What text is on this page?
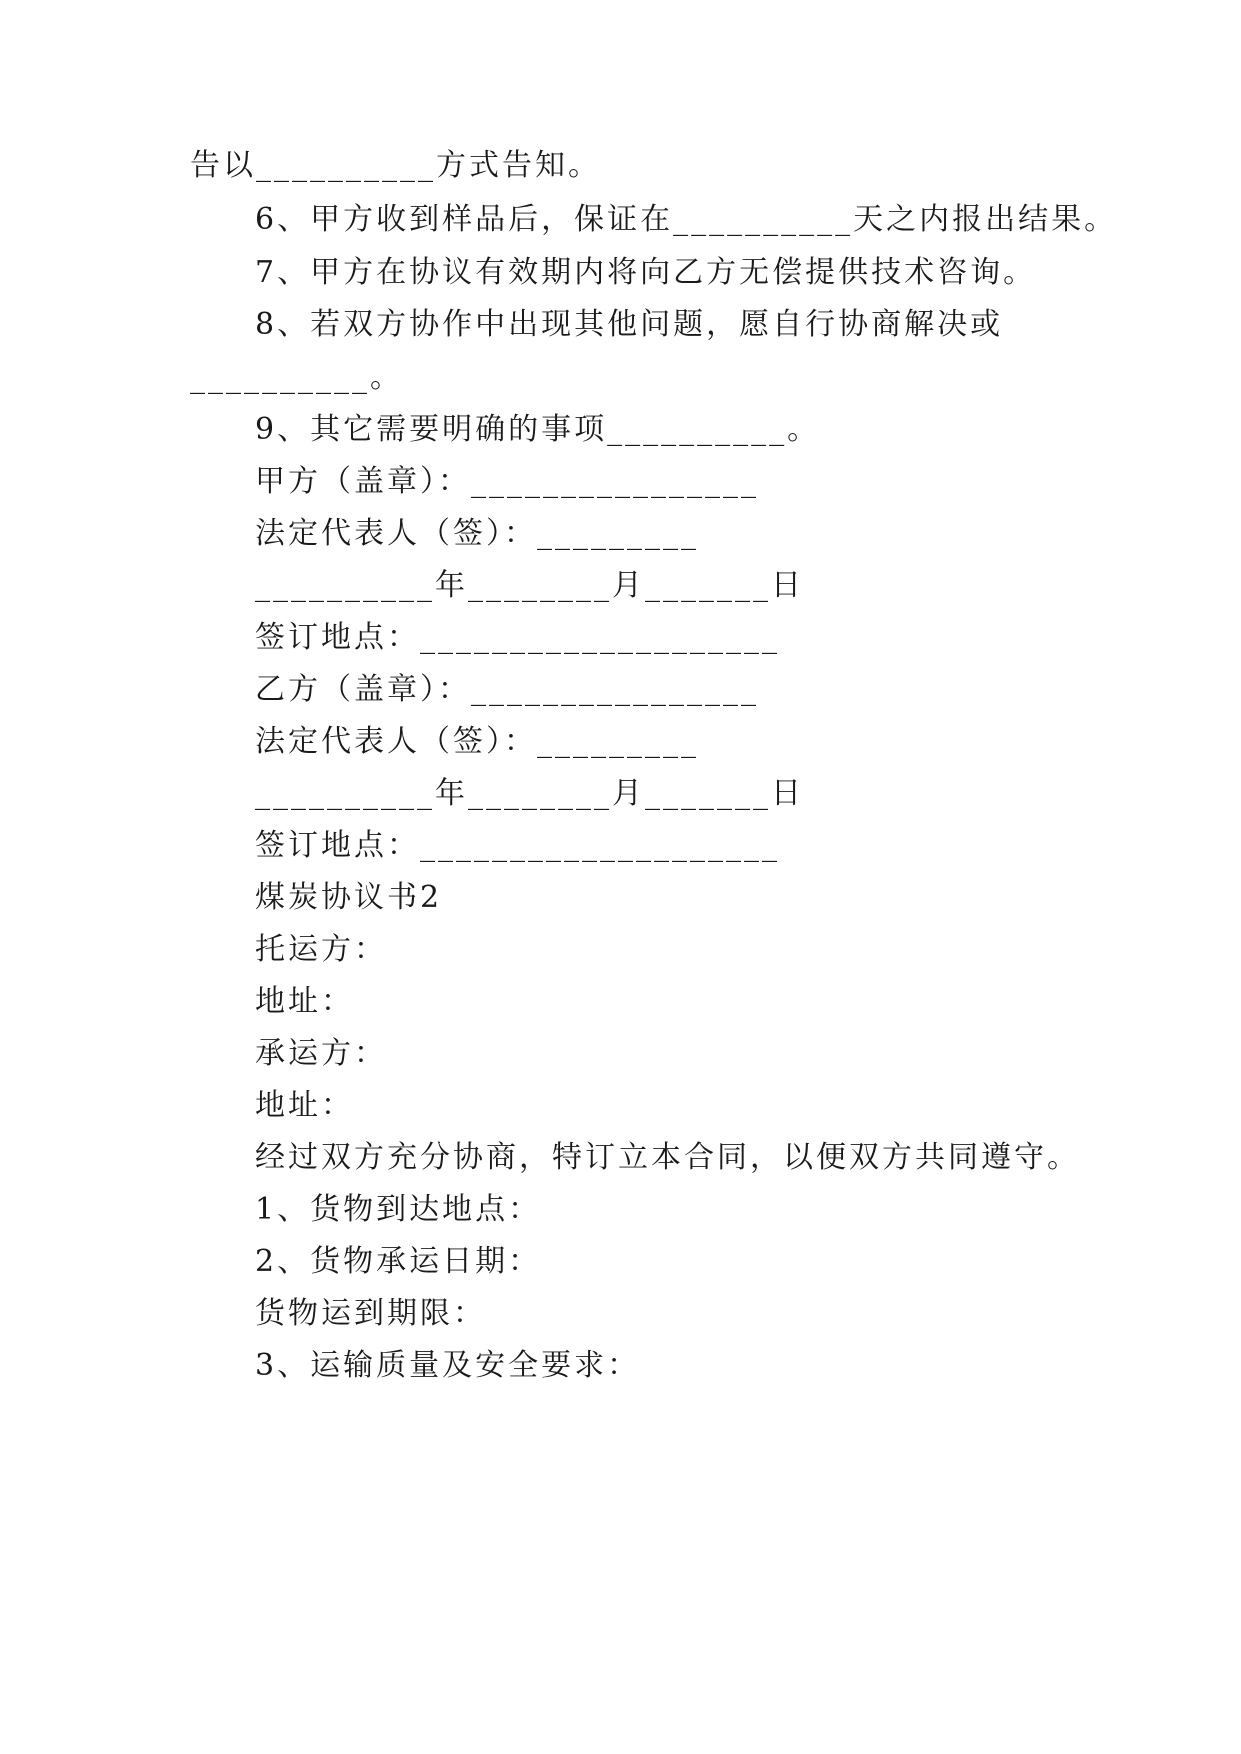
告以__________方式告知。
6、甲方收到样品后，保证在__________天之内报出结果。
7、甲方在协议有效期内将向乙方无偿提供技术咨询。
8、若双方协作中出现其他问题，愿自行协商解决或
__________。
9、其它需要明确的事项__________。
甲方（盖章）：________________
法定代表人（签）：_________
__________年________月_______日
签订地点：____________________
乙方（盖章）：________________
法定代表人（签）：_________
__________年________月_______日
签订地点：____________________
煤炭协议书2
托运方：
地址：
承运方：
地址：
经过双方充分协商，特订立本合同，以便双方共同遵守。
1、货物到达地点：
2、货物承运日期：
货物运到期限：
3、运输质量及安全要求：
